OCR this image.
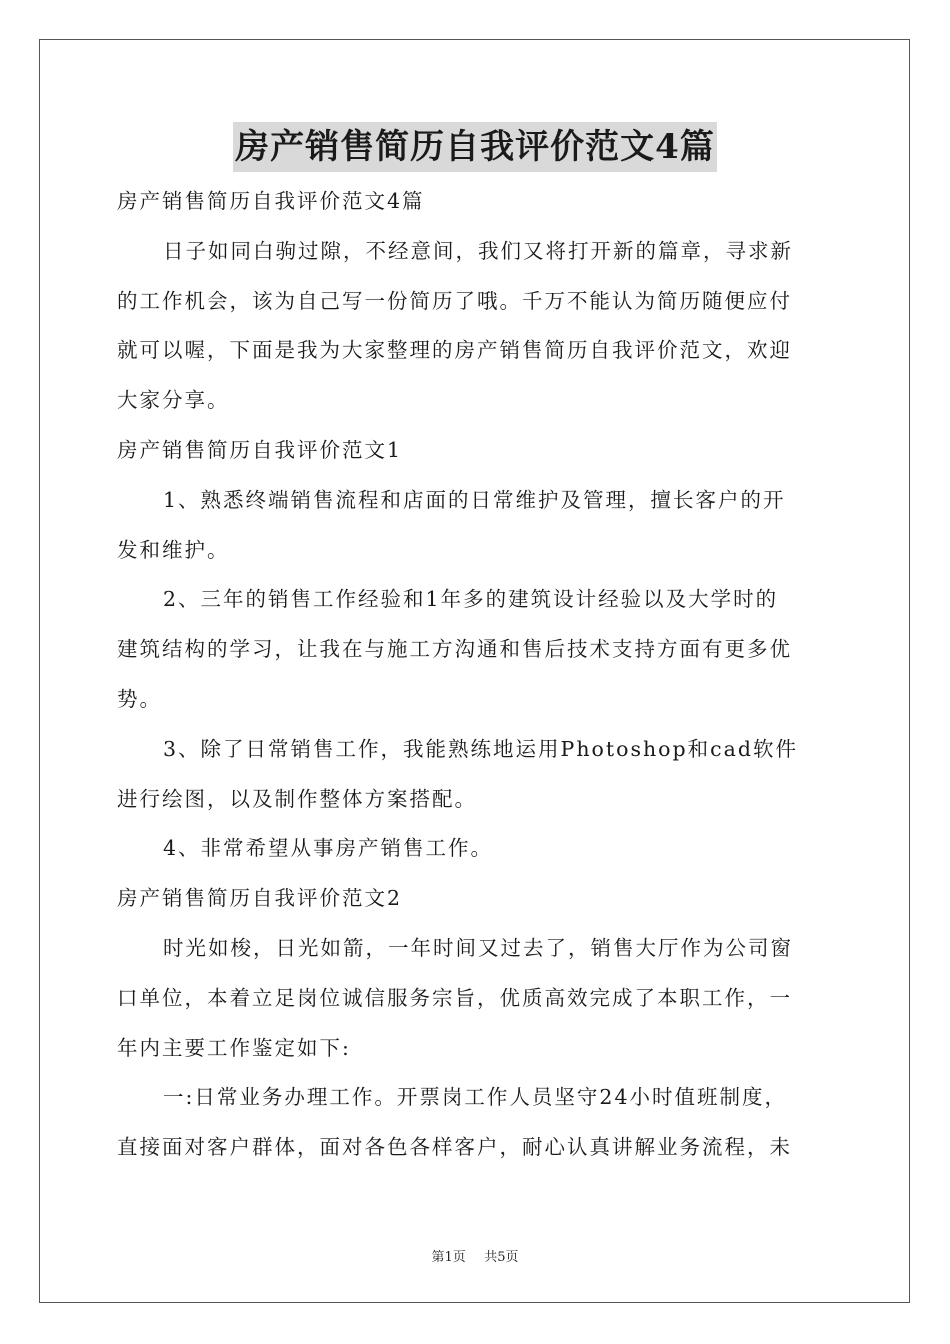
房产销售简历自我评价范文4篇
房产销售简历自我评价范文4篇
日子如同白驹过隙，不经意间，我们又将打开新的篇章，寻求新
的工作机会，该为自己写一份简历了哦。千万不能认为简历随便应付
就可以喔，下面是我为大家整理的房产销售简历自我评价范文，欢迎
大家分享。
房产销售简历自我评价范文1
1、熟悉终端销售流程和店面的日常维护及管理，擅长客户的开
发和维护。
2、三年的销售工作经验和1年多的建筑设计经验以及大学时的
建筑结构的学习，让我在与施工方沟通和售后技术支持方面有更多优
势。
3、除了日常销售工作，我能熟练地运用Photoshop和cad软件
进行绘图，以及制作整体方案搭配。
4、非常希望从事房产销售工作。
房产销售简历自我评价范文2
时光如梭，日光如箭，一年时间又过去了，销售大厅作为公司窗
口单位，本着立足岗位诚信服务宗旨，优质高效完成了本职工作，一
年内主要工作鉴定如下:
一:日常业务办理工作。开票岗工作人员坚守24小时值班制度，
直接面对客户群体，面对各色各样客户，耐心认真讲解业务流程，未
第1页 共5页
